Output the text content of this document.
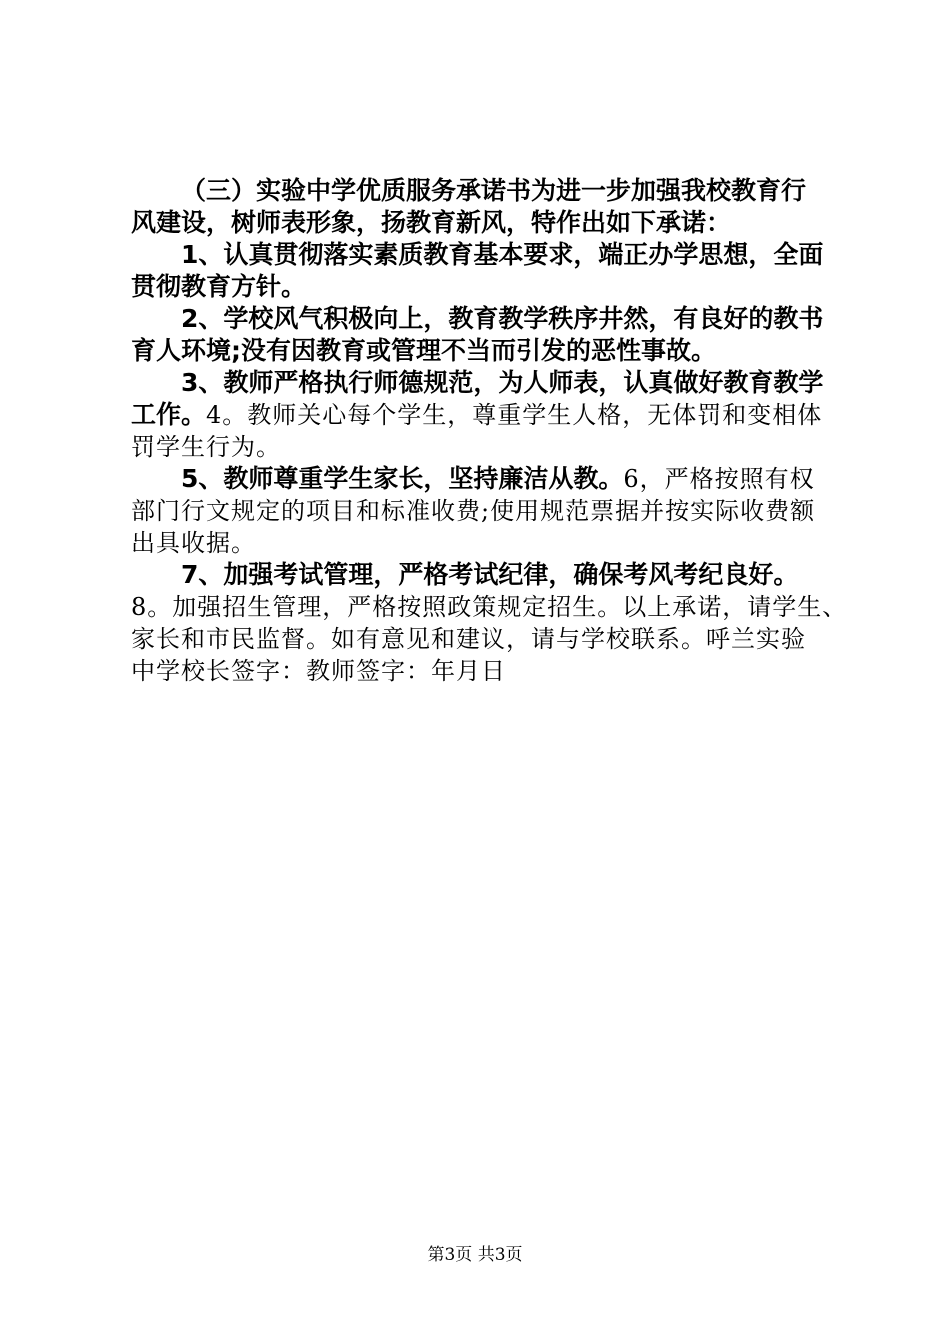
（三）实验中学优质服务承诺书为进一步加强我校教育行
风建设，树师表形象，扬教育新风，特作出如下承诺：
1、认真贯彻落实素质教育基本要求，端正办学思想，全面
贯彻教育方针。
2、学校风气积极向上，教育教学秩序井然，有良好的教书
育人环境;没有因教育或管理不当而引发的恶性事故。
3、教师严格执行师德规范，为人师表，认真做好教育教学
工作。4。教师关心每个学生，尊重学生人格，无体罚和变相体
罚学生行为。
5、教师尊重学生家长，坚持廉洁从教。6，严格按照有权
部门行文规定的项目和标准收费;使用规范票据并按实际收费额
出具收据。
7、加强考试管理，严格考试纪律，确保考风考纪良好。
8。加强招生管理，严格按照政策规定招生。以上承诺，请学生、
家长和市民监督。如有意见和建议，请与学校联系。呼兰实验
中学校长签字：教师签字：年月日
第3页 共3页
